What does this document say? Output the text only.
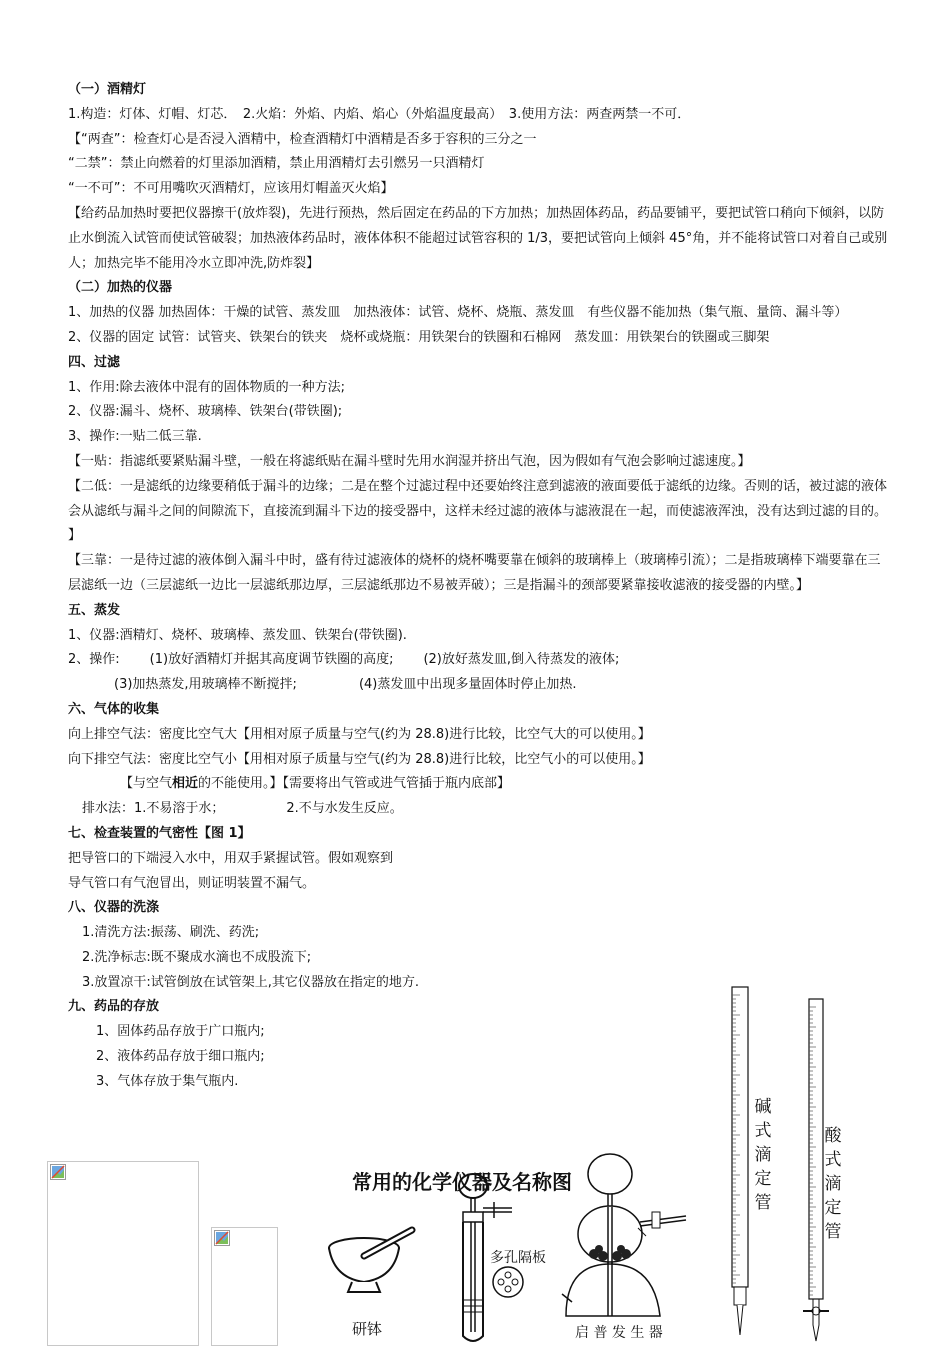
（一）酒精灯
1.构造：灯体、灯帽、灯芯．　2.火焰：外焰、内焰、焰心（外焰温度最高）　3.使用方法：两查两禁一不可．
【“两查”：检查灯心是否浸入酒精中，检查酒精灯中酒精是否多于容积的三分之一
“二禁”：禁止向燃着的灯里添加酒精，禁止用酒精灯去引燃另一只酒精灯
“一不可”：不可用嘴吹灭酒精灯，应该用灯帽盖灭火焰】
【给药品加热时要把仪器擦干(放炸裂)，先进行预热，然后固定在药品的下方加热；加热固体药品，药品要铺平，要把试管口稍向下倾斜，以防止水倒流入试管而使试管破裂；加热液体药品时，液体体积不能超过试管容积的 1/3，要把试管向上倾斜 45°角，并不能将试管口对着自己或别人；加热完毕不能用冷水立即冲洗,防炸裂】
（二）加热的仪器
1、加热的仪器 加热固体：干燥的试管、蒸发皿　加热液体：试管、烧杯、烧瓶、蒸发皿　有些仪器不能加热（集气瓶、量筒、漏斗等）
2、仪器的固定 试管：试管夹、铁架台的铁夹　烧杯或烧瓶：用铁架台的铁圈和石棉网　蒸发皿：用铁架台的铁圈或三脚架
四、过滤
1、作用:除去液体中混有的固体物质的一种方法;
2、仪器:漏斗、烧杯、玻璃棒、铁架台(带铁圈);
3、操作:一贴二低三靠.
【一贴：指滤纸要紧贴漏斗壁，一般在将滤纸贴在漏斗壁时先用水润湿并挤出气泡，因为假如有气泡会影响过滤速度。】
【二低：一是滤纸的边缘要稍低于漏斗的边缘；二是在整个过滤过程中还要始终注意到滤液的液面要低于滤纸的边缘。否则的话，被过滤的液体会从滤纸与漏斗之间的间隙流下，直接流到漏斗下边的接受器中，这样未经过滤的液体与滤液混在一起，而使滤液浑浊，没有达到过滤的目的。 】
【三靠：一是待过滤的液体倒入漏斗中时，盛有待过滤液体的烧杯的烧杯嘴要靠在倾斜的玻璃棒上（玻璃棒引流）；二是指玻璃棒下端要靠在三层滤纸一边（三层滤纸一边比一层滤纸那边厚，三层滤纸那边不易被弄破）；三是指漏斗的颈部要紧靠接收滤液的接受器的内壁。】
五、蒸发
1、仪器:酒精灯、烧杯、玻璃棒、蒸发皿、铁架台(带铁圈).
2、操作: (1)放好酒精灯并据其高度调节铁圈的高度; (2)放好蒸发皿,倒入待蒸发的液体;
(3)加热蒸发,用玻璃棒不断搅拌;	(4)蒸发皿中出现多量固体时停止加热.
六、气体的收集
向上排空气法：密度比空气大【用相对原子质量与空气(约为 28.8)进行比较，比空气大的可以使用。】
向下排空气法：密度比空气小【用相对原子质量与空气(约为 28.8)进行比较，比空气小的可以使用。】
【与空气相近的不能使用。】【需要将出气管或进气管插于瓶内底部】
排水法：1.不易溶于水；	2.不与水发生反应。
七、检查装置的气密性【图 1】
把导管口的下端浸入水中，用双手紧握试管。假如观察到
导气管口有气泡冒出，则证明装置不漏气。
八、仪器的洗涤
1.清洗方法:振荡、刷洗、药洗;
2.洗净标志:既不聚成水滴也不成股流下;
3.放置凉干:试管倒放在试管架上,其它仪器放在指定的地方.
九、药品的存放
1、固体药品存放于广口瓶内;
2、液体药品存放于细口瓶内;
3、气体存放于集气瓶内.
研钵
多孔隔板
启 普 发 生 器
常用的化学仪器及名称图
碱
式
滴
定
管
酸
式
滴
定
管
